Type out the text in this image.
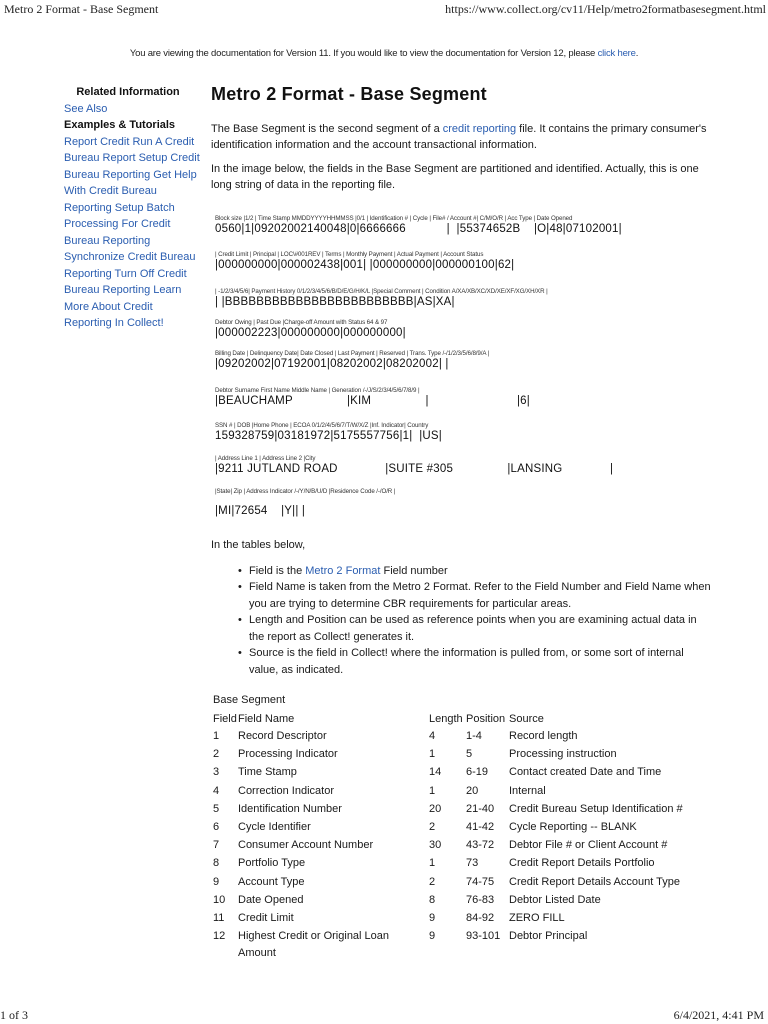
Metro 2 Format - Base Segment	https://www.collect.org/cv11/Help/metro2formatbasesegment.html
You are viewing the documentation for Version 11. If you would like to view the documentation for Version 12, please click here.
Related Information
See Also
Examples & Tutorials
Report Credit Run A Credit
Bureau Report Setup Credit
Bureau Reporting Get Help
With Credit Bureau
Reporting Setup Batch
Processing For Credit
Bureau Reporting
Synchronize Credit Bureau
Reporting Turn Off Credit
Bureau Reporting Learn
More About Credit
Reporting In Collect!
Metro 2 Format - Base Segment

The Base Segment is the second segment of a credit reporting file. It contains the primary consumer's identification information and the account transactional information.

In the image below, the fields in the Base Segment are partitioned and identified. Actually, this is one long string of data in the reporting file.

Block size |1/2 | Time Stamp MMDDYYYYHHMMSS |0/1 | Identification # | Cycle | File# / Account #| C/M/O/R | Acc Type | Date Opened
0560|1|09202002140048|0|6666666            |  |55374652B    |O|48|07102001|
| Credit Limit | Principal | LOC\#001REV | Terms | Monthly Payment | Actual Payment | Account Status
|000000000|000002438|001| |000000000|000000100|62|
| -1/2/3/4/5/6| Payment History 0/1/2/3/4/5/6/B/D/E/G/H/K/L |Special Comment | Condition A/XA/XB/XC/XD/XE/XF/XG/XH/XR |
| |BBBBBBBBBBBBBBBBBBBBBBBB|AS|XA|
Debtor Owing | Past Due |Charge-off Amount with Status 64 & 97
|000002223|000000000|000000000|
Billing Date | Delinquency Date| Date Closed | Last Payment | Reserved | Trans. Type /-/1/2/3/5/6/8/9/A |
|09202002|07192001|08202002|08202002| |
Debtor Surname First Name Middle Name | Generation /-/J/S/2/3/4/5/6/7/8/9 |
|BEAUCHAMP                |KIM                |                          |6|
SSN # | DOB |Home Phone | ECOA 0/1/2/4/5/6/7/T/W/X/Z |Inf. Indicator| Country
159328759|03181972|5175557756|1|  |US|
| Address Line 1 | Address Line 2 |City
|9211 JUTLAND ROAD              |SUITE #305                |LANSING              |
|State| Zip | Address Indicator /-/Y/N/B/U/D |Residence Code /-/O/R |
|MI|72654    |Y|| |
In the tables below,
• Field is the Metro 2 Format Field number
• Field Name is taken from the Metro 2 Format. Refer to the Field Number and Field Name when you are trying to determine CBR requirements for particular areas.
• Length and Position can be used as reference points when you are examining actual data in the report as Collect! generates it.
• Source is the field in Collect! where the information is pulled from, or some sort of internal value, as indicated.
Base Segment
Field	Field Name	Length	Position	Source
1	Record Descriptor	4	1-4	Record length
2	Processing Indicator	1	5	Processing instruction
3	Time Stamp	14	6-19	Contact created Date and Time
4	Correction Indicator	1	20	Internal
5	Identification Number	20	21-40	Credit Bureau Setup Identification #
6	Cycle Identifier	2	41-42	Cycle Reporting -- BLANK
7	Consumer Account Number	30	43-72	Debtor File # or Client Account #
8	Portfolio Type	1	73	Credit Report Details Portfolio
9	Account Type	2	74-75	Credit Report Details Account Type
10	Date Opened	8	76-83	Debtor Listed Date
11	Credit Limit	9	84-92	ZERO FILL
12	Highest Credit or Original Loan Amount	9	93-101	Debtor Principal
1 of 3	6/4/2021, 4:41 PM
